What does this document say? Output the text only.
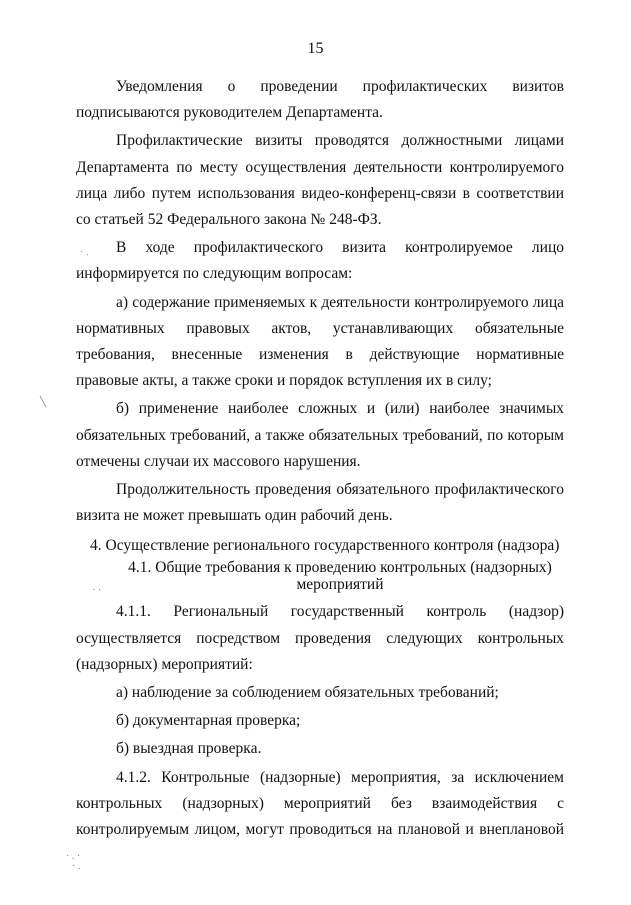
15

Уведомления о проведении профилактических визитов подписываются руководителем Департамента.

Профилактические визиты проводятся должностными лицами Департамента по месту осуществления деятельности контролируемого лица либо путем использования видео-конференц-связи в соответствии со статьей 52 Федерального закона № 248-ФЗ.

В ходе профилактического визита контролируемое лицо информируется по следующим вопросам:

а) содержание применяемых к деятельности контролируемого лица нормативных правовых актов, устанавливающих обязательные требования, внесенные изменения в действующие нормативные правовые акты, а также сроки и порядок вступления их в силу;

б) применение наиболее сложных и (или) наиболее значимых обязательных требований, а также обязательных требований, по которым отмечены случаи их массового нарушения.

Продолжительность проведения обязательного профилактического визита не может превышать один рабочий день.

4. Осуществление регионального государственного контроля (надзора)

4.1. Общие требования к проведению контрольных (надзорных) мероприятий

4.1.1. Региональный государственный контроль (надзор) осуществляется посредством проведения следующих контрольных (надзорных) мероприятий:

а) наблюдение за соблюдением обязательных требований;

б) документарная проверка;

б) выездная проверка.

4.1.2. Контрольные (надзорные) мероприятия, за исключением контрольных (надзорных) мероприятий без взаимодействия с контролируемым лицом, могут проводиться на плановой и внеплановой

╲
· .
· ·
· . ·
· .
